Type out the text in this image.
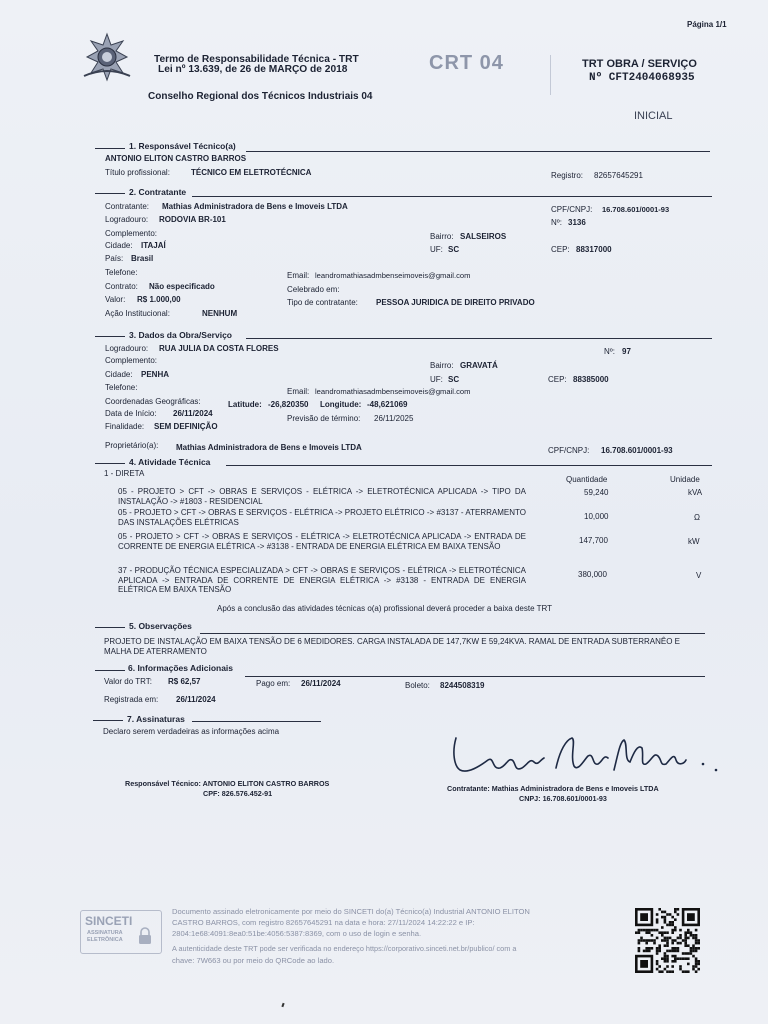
Página 1/1
Termo de Responsabilidade Técnica - TRT
Lei nº 13.639, de 26 de MARÇO de 2018
Conselho Regional dos Técnicos Industriais 04
CRT 04	TRT OBRA / SERVIÇO
Nº CFT2404068935
INICIAL
1. Responsável Técnico(a)
ANTONIO ELITON CASTRO BARROS
Título profissional:	TÉCNICO EM ELETROTÉCNICA	Registro: 82657645291
2. Contratante
Contratante: Mathias Administradora de Bens e Imoveis LTDA	CPF/CNPJ: 16.708.601/0001-93
Logradouro: RODOVIA BR-101	Nº: 3136
Complemento:	Bairro: SALSEIROS
Cidade: ITAJAÍ	UF: SC	CEP: 88317000
País: Brasil
Telefone:	Email: leandromathiasadmbenseimoveis@gmail.com
Contrato: Não especificado	Celebrado em:
Valor: R$ 1.000,00	Tipo de contratante: PESSOA JURIDICA DE DIREITO PRIVADO
Ação Institucional:	NENHUM
3. Dados da Obra/Serviço
Logradouro: RUA JULIA DA COSTA FLORES	Nº: 97
Complemento:
Bairro: GRAVATÁ
Cidade: PENHA
UF: SC	CEP: 88385000
Telefone:	Email: leandromathiasadmbenseimoveis@gmail.com
Coordenadas Geográficas:	Latitude: -26,820350 Longitude: -48,621069
Data de Início: 26/11/2024
Previsão de término: 26/11/2025
Finalidade: SEM DEFINIÇÃO
Proprietário(a): Mathias Administradora de Bens e Imoveis LTDA	CPF/CNPJ: 16.708.601/0001-93
4. Atividade Técnica
1 - DIRETA
Quantidade	Unidade
05 - PROJETO > CFT -> OBRAS E SERVIÇOS - ELÉTRICA -> ELETROTÉCNICA APLICADA -> TIPO DA INSTALAÇÃO -> #1803 - RESIDENCIAL
59,240	kVA
05 - PROJETO > CFT -> OBRAS E SERVIÇOS - ELÉTRICA -> PROJETO ELÉTRICO -> #3137 - ATERRAMENTO DAS INSTALAÇÕES ELÉTRICAS
10,000	Ω
05 - PROJETO > CFT -> OBRAS E SERVIÇOS - ELÉTRICA -> ELETROTÉCNICA APLICADA -> ENTRADA DE CORRENTE DE ENERGIA ELÉTRICA -> #3138 - ENTRADA DE ENERGIA ELÉTRICA EM BAIXA TENSÃO
147,700	kW
37 - PRODUÇÃO TÉCNICA ESPECIALIZADA > CFT -> OBRAS E SERVIÇOS - ELÉTRICA -> ELETROTÉCNICA APLICADA -> ENTRADA DE CORRENTE DE ENERGIA ELÉTRICA -> #3138 - ENTRADA DE ENERGIA ELÉTRICA EM BAIXA TENSÃO
380,000	V
Após a conclusão das atividades técnicas o(a) profissional deverá proceder a baixa deste TRT
5. Observações
PROJETO DE INSTALAÇÃO EM BAIXA TENSÃO DE 6 MEDIDORES. CARGA INSTALADA DE 147,7KW E 59,24KVA. RAMAL DE ENTRADA SUBTERRANÊO E MALHA DE ATERRAMENTO
6. Informações Adicionais
Valor do TRT: R$ 62,57	Pago em: 26/11/2024	Boleto: 8244508319
Registrada em: 26/11/2024
7. Assinaturas
Declaro serem verdadeiras as informações acima
Responsável Técnico: ANTONIO ELITON CASTRO BARROS
CPF: 826.576.452-91
Contratante: Mathias Administradora de Bens e Imoveis LTDA
CNPJ: 16.708.601/0001-93
SINCETI
ASSINATURA
ELETRÔNICA
Documento assinado eletronicamente por meio do SINCETI do(a) Técnico(a) Industrial ANTONIO ELITON
CASTRO BARROS, com registro 82657645291 na data e hora: 27/11/2024 14:22:22 e IP:
2804:1e68:4091:8ea0:51be:4056:5387:8369, com o uso de login e senha.
A autenticidade deste TRT pode ser verificada no endereço https://corporativo.sinceti.net.br/publico/ com a
chave: 7W663 ou por meio do QRCode ao lado.
